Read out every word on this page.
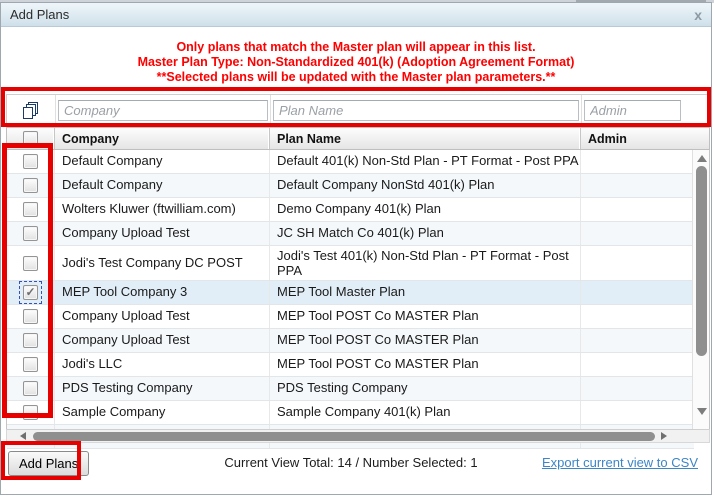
Add Plans	x
Only plans that match the Master plan will appear in this list.
Master Plan Type: Non-Standardized 401(k) (Adoption Agreement Format)
**Selected plans will be updated with the Master plan parameters.**
Company
Plan Name
Admin
Company	Plan Name	Admin
Default Company	Default 401(k) Non-Std Plan - PT Format - Post PPA
Default Company	Default Company NonStd 401(k) Plan
Wolters Kluwer (ftwilliam.com)	Demo Company 401(k) Plan
Company Upload Test	JC SH Match Co 401(k) Plan
Jodi's Test Company DC POST	Jodi's Test 401(k) Non-Std Plan - PT Format - Post PPA
✓	MEP Tool Company 3	MEP Tool Master Plan
Company Upload Test	MEP Tool POST Co MASTER Plan
Company Upload Test	MEP Tool POST Co MASTER Plan
Jodi's LLC	MEP Tool POST Co MASTER Plan
PDS Testing Company	PDS Testing Company
Sample Company	Sample Company 401(k) Plan
Add Plans	Current View Total: 14 / Number Selected: 1	Export current view to CSV
